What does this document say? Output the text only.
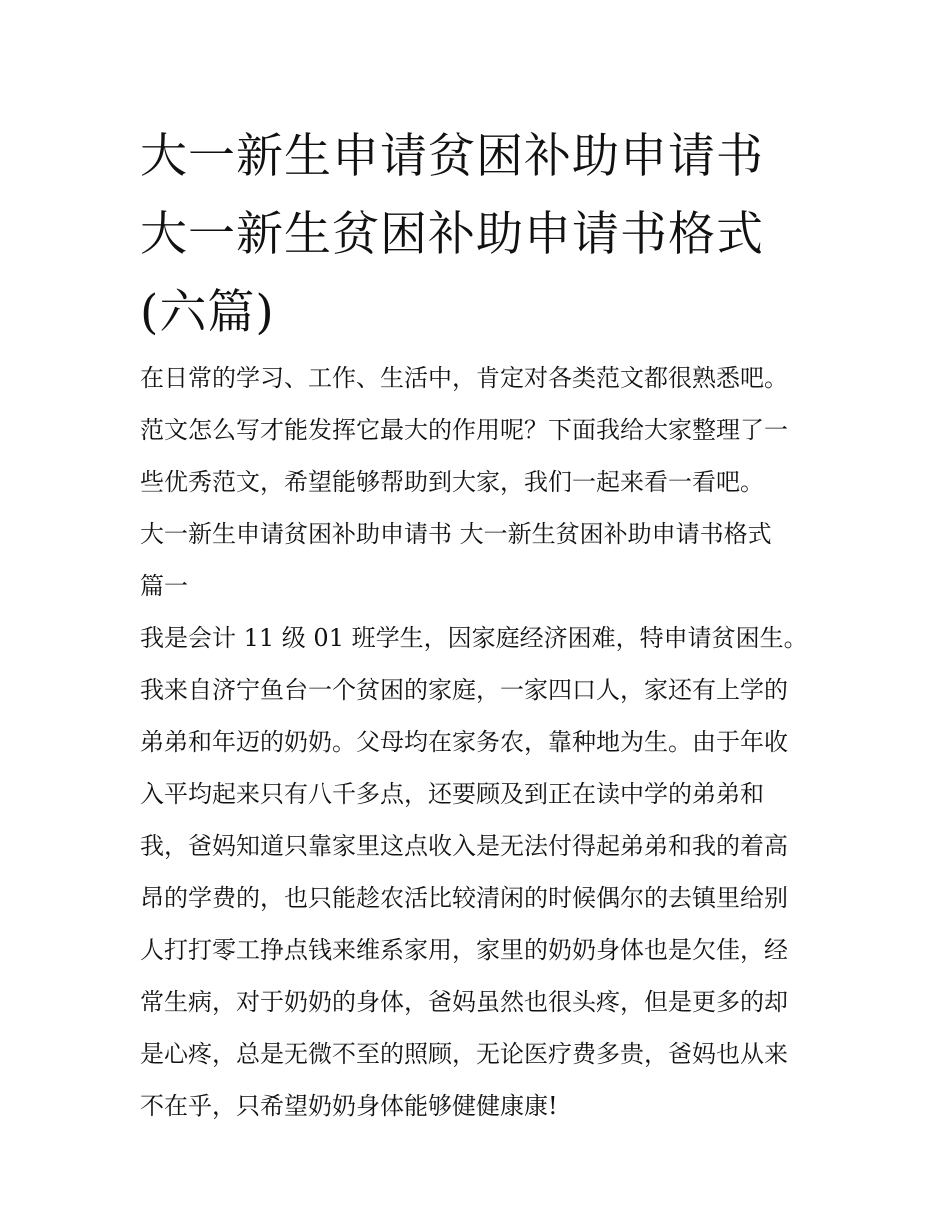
大一新生申请贫困补助申请书
大一新生贫困补助申请书格式
(六篇)
在日常的学习、工作、生活中，肯定对各类范文都很熟悉吧。
范文怎么写才能发挥它最大的作用呢？下面我给大家整理了一
些优秀范文，希望能够帮助到大家，我们一起来看一看吧。
大一新生申请贫困补助申请书 大一新生贫困补助申请书格式
篇一
我是会计 11 级 01 班学生，因家庭经济困难，特申请贫困生。
我来自济宁鱼台一个贫困的家庭，一家四口人，家还有上学的
弟弟和年迈的奶奶。父母均在家务农，靠种地为生。由于年收
入平均起来只有八千多点，还要顾及到正在读中学的弟弟和
我，爸妈知道只靠家里这点收入是无法付得起弟弟和我的着高
昂的学费的，也只能趁农活比较清闲的时候偶尔的去镇里给别
人打打零工挣点钱来维系家用，家里的奶奶身体也是欠佳，经
常生病，对于奶奶的身体，爸妈虽然也很头疼，但是更多的却
是心疼，总是无微不至的照顾，无论医疗费多贵，爸妈也从来
不在乎，只希望奶奶身体能够健健康康!
